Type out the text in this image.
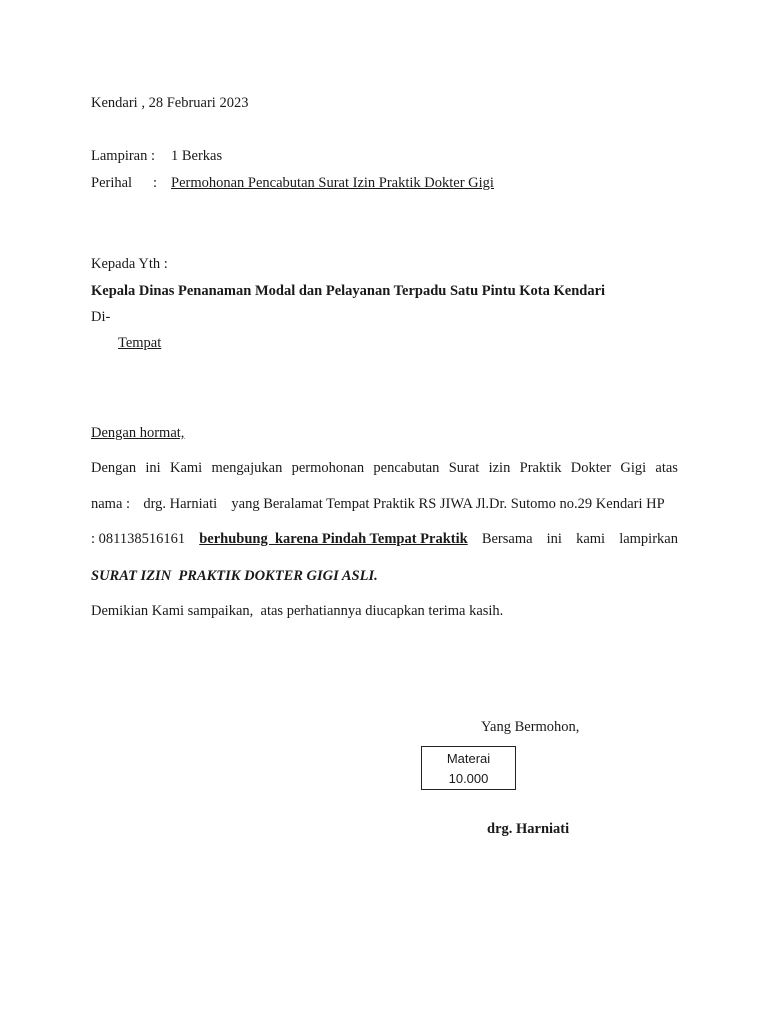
Kendari , 28 Februari 2023
Lampiran : 1 Berkas
Perihal : Permohonan Pencabutan Surat Izin Praktik Dokter Gigi
Kepada Yth :
Kepala Dinas Penanaman Modal dan Pelayanan Terpadu Satu Pintu Kota Kendari
Di-
Tempat
Dengan hormat,
Dengan ini Kami mengajukan permohonan pencabutan Surat izin Praktik Dokter Gigi atas
nama : drg. Harniati yang Beralamat Tempat Praktik RS JIWA Jl.Dr. Sutomo no.29 Kendari HP
: 081138516161 berhubung  karena Pindah Tempat Praktik Bersama ini kami lampirkan
SURAT IZIN  PRAKTIK DOKTER GIGI ASLI.
Demikian Kami sampaikan,  atas perhatiannya diucapkan terima kasih.
Yang Bermohon,
Materai
10.000
drg. Harniati
